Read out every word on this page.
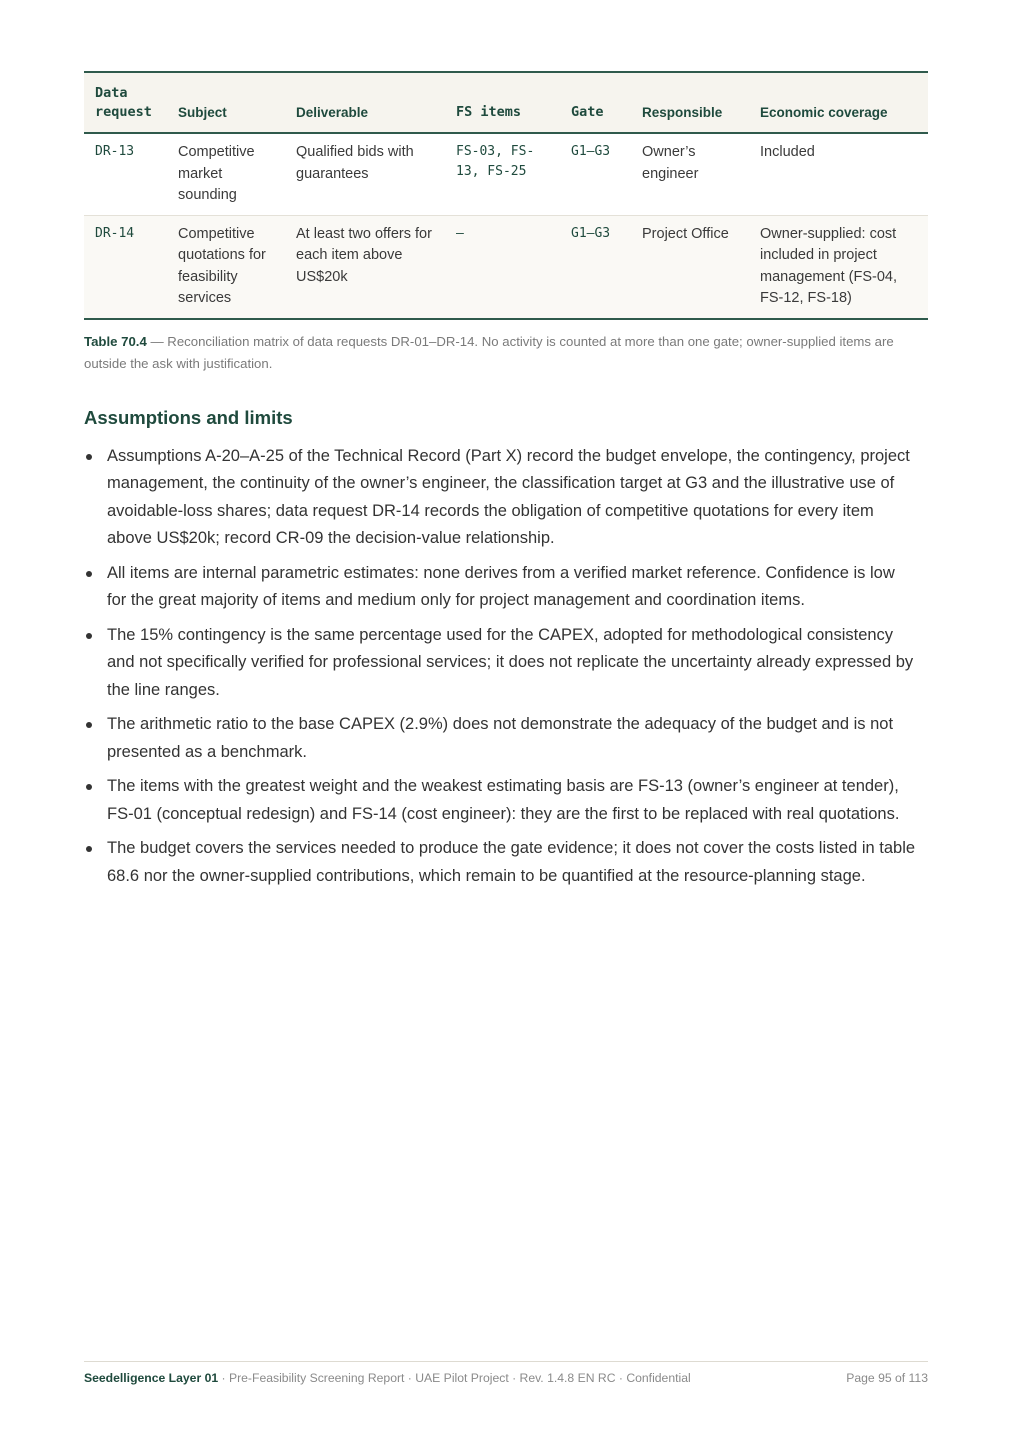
Data request	Subject	Deliverable	FS items	Gate	Responsible	Economic coverage
DR-13	Competitive market sounding	Qualified bids with guarantees	FS-03, FS-13, FS-25	G1–G3	Owner’s engineer	Included
DR-14	Competitive quotations for feasibility services	At least two offers for each item above US$20k	—	G1–G3	Project Office	Owner-supplied: cost included in project management (FS-04, FS-12, FS-18)
Table 70.4 — Reconciliation matrix of data requests DR-01–DR-14. No activity is counted at more than one gate; owner-supplied items are outside the ask with justification.
Assumptions and limits
Assumptions A-20–A-25 of the Technical Record (Part X) record the budget envelope, the contingency, project management, the continuity of the owner’s engineer, the classification target at G3 and the illustrative use of avoidable-loss shares; data request DR-14 records the obligation of competitive quotations for every item above US$20k; record CR-09 the decision-value relationship.
All items are internal parametric estimates: none derives from a verified market reference. Confidence is low for the great majority of items and medium only for project management and coordination items.
The 15% contingency is the same percentage used for the CAPEX, adopted for methodological consistency and not specifically verified for professional services; it does not replicate the uncertainty already expressed by the line ranges.
The arithmetic ratio to the base CAPEX (2.9%) does not demonstrate the adequacy of the budget and is not presented as a benchmark.
The items with the greatest weight and the weakest estimating basis are FS-13 (owner’s engineer at tender), FS-01 (conceptual redesign) and FS-14 (cost engineer): they are the first to be replaced with real quotations.
The budget covers the services needed to produce the gate evidence; it does not cover the costs listed in table 68.6 nor the owner-supplied contributions, which remain to be quantified at the resource-planning stage.
Seedelligence Layer 01 · Pre-Feasibility Screening Report · UAE Pilot Project · Rev. 1.4.8 EN RC · Confidential	Page 95 of 113
